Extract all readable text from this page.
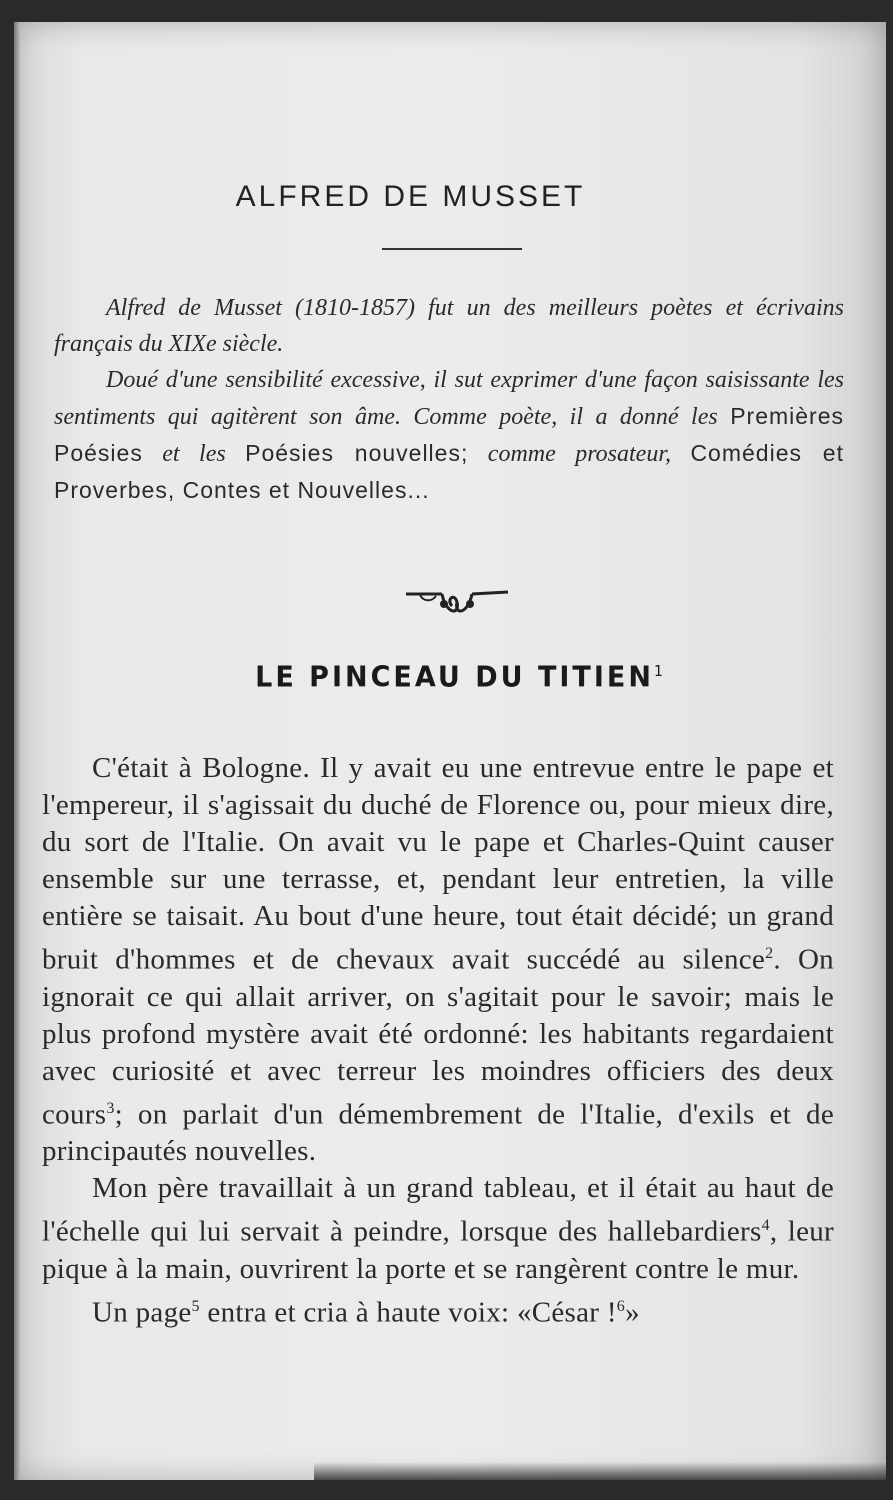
ALFRED DE MUSSET

Alfred de Musset (1810-1857) fut un des meilleurs poètes et écrivains français du XIXe siècle.

Doué d'une sensibilité excessive, il sut exprimer d'une façon saisissante les sentiments qui agitèrent son âme. Comme poète, il a donné les Premières Poésies et les Poésies nouvelles; comme prosateur, Comédies et Proverbes, Contes et Nouvelles...

LE PINCEAU DU TITIEN$^1$

C'était à Bologne. Il y avait eu une entrevue entre le pape et l'empereur, il s'agissait du duché de Florence ou, pour mieux dire, du sort de l'Italie. On avait vu le pape et Charles-Quint causer ensemble sur une terrasse, et, pendant leur entretien, la ville entière se taisait. Au bout d'une heure, tout était décidé; un grand bruit d'hommes et de chevaux avait succédé au silence$^2$. On ignorait ce qui allait arriver, on s'agitait pour le savoir; mais le plus profond mystère avait été ordonné: les habitants regardaient avec curiosité et avec terreur les moindres officiers des deux cours$^3$; on parlait d'un démembrement de l'Italie, d'exils et de principautés nouvelles.

Mon père travaillait à un grand tableau, et il était au haut de l'échelle qui lui servait à peindre, lorsque des hallebardiers$^4$, leur pique à la main, ouvrirent la porte et se rangèrent contre le mur.

Un page$^5$ entra et cria à haute voix: «César !$^6$»
